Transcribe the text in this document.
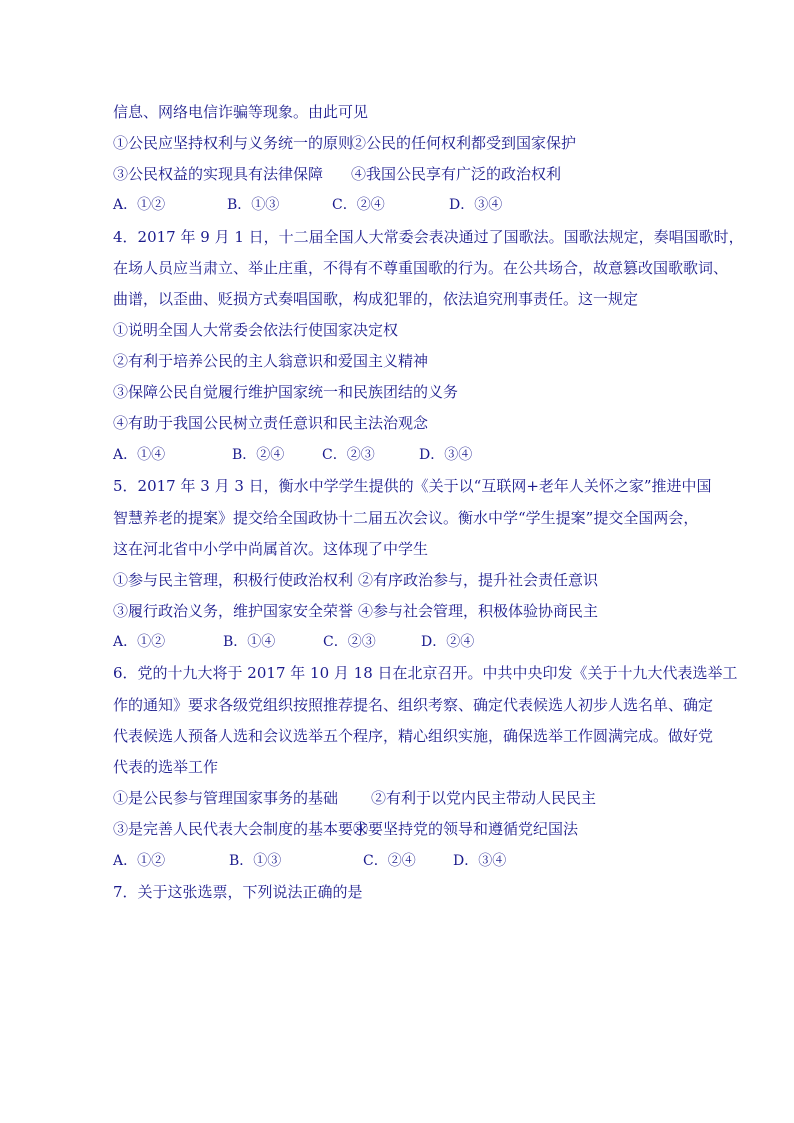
信息、网络电信诈骗等现象。由此可见
①公民应坚持权利与义务统一的原则
②公民的任何权利都受到国家保护
③公民权益的实现具有法律保障 ④我国公民享有广泛的政治权利
A．①②	B．①③	C．②④	D．③④
4．2017 年 9 月 1 日，十二届全国人大常委会表决通过了国歌法。国歌法规定，奏唱国歌时，
在场人员应当肃立、举止庄重，不得有不尊重国歌的行为。在公共场合，故意篡改国歌歌词、
曲谱，以歪曲、贬损方式奏唱国歌，构成犯罪的，依法追究刑事责任。这一规定
①说明全国人大常委会依法行使国家决定权
②有利于培养公民的主人翁意识和爱国主义精神
③保障公民自觉履行维护国家统一和民族团结的义务
④有助于我国公民树立责任意识和民主法治观念
A．①④	B．②④	C．②③	D．③④
5．2017 年 3 月 3 日，衡水中学学生提供的《关于以“互联网+老年人关怀之家”推进中国
智慧养老的提案》提交给全国政协十二届五次会议。衡水中学“学生提案”提交全国两会，
这在河北省中小学中尚属首次。这体现了中学生
①参与民主管理，积极行使政治权利 ②有序政治参与，提升社会责任意识
③履行政治义务，维护国家安全荣誉 ④参与社会管理，积极体验协商民主
A．①②	B．①④	C．②③	D．②④
6．党的十九大将于 2017 年 10 月 18 日在北京召开。中共中央印发《关于十九大代表选举工
作的通知》要求各级党组织按照推荐提名、组织考察、确定代表候选人初步人选名单、确定
代表候选人预备人选和会议选举五个程序，精心组织实施，确保选举工作圆满完成。做好党
代表的选举工作
①是公民参与管理国家事务的基础 ②有利于以党内民主带动人民民主
③是完善人民代表大会制度的基本要求
④要坚持党的领导和遵循党纪国法
A．①②	B．①③	C．②④	D．③④
7．关于这张选票，下列说法正确的是
